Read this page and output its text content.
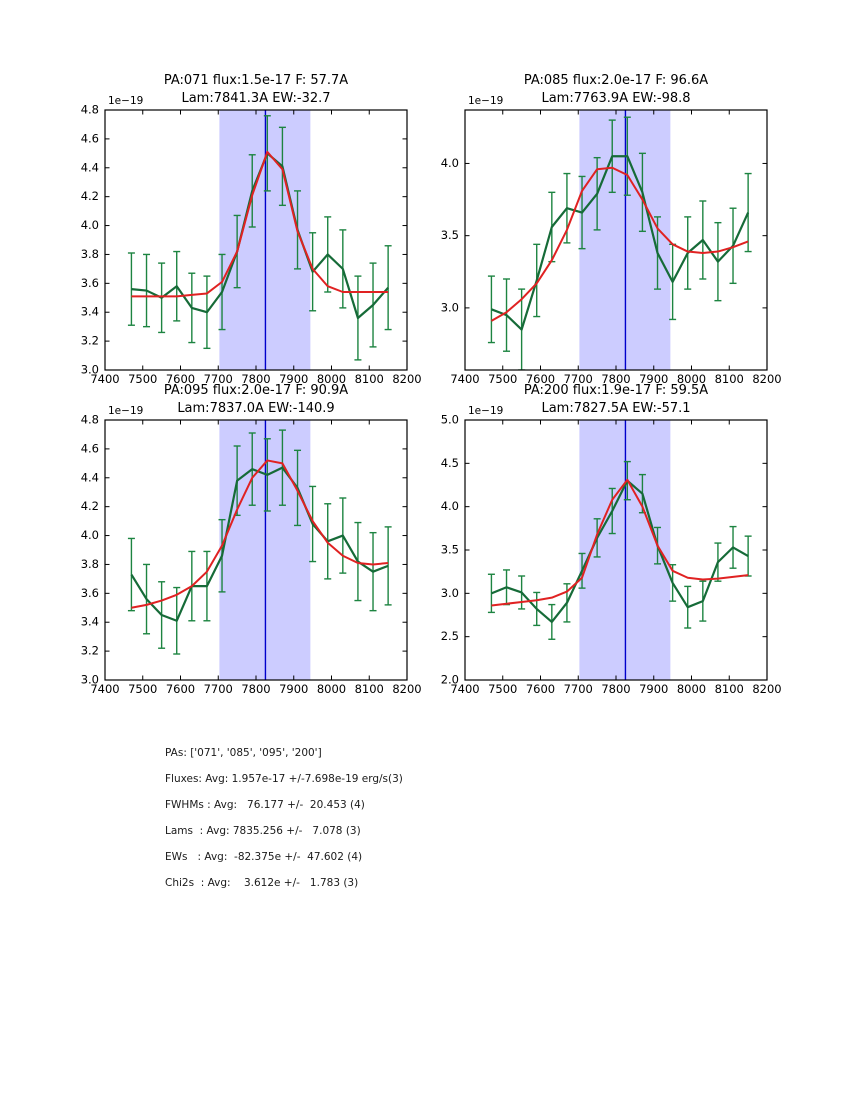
7400 7500 7600 7700 7800 7900 8000 8100 8200
3.0
3.2
3.4
3.6
3.8
4.0
4.2
4.4
4.6
4.8
7400 7500 7600 7700 7800 7900 8000 8100 8200
3.0
3.5
4.0
7400 7500 7600 7700 7800 7900 8000 8100 8200
3.0
3.2
3.4
3.6
3.8
4.0
4.2
4.4
4.6
4.8
7400 7500 7600 7700 7800 7900 8000 8100 8200
2.0
2.5
3.0
3.5
4.0
4.5
5.0
PA:071 flux:1.5e-17 F: 57.7A
Lam:7841.3A EW:-32.7
PA:085 flux:2.0e-17 F: 96.6A
Lam:7763.9A EW:-98.8
PA:095 flux:2.0e-17 F: 90.9A
Lam:7837.0A EW:-140.9
PA:200 flux:1.9e-17 F: 59.5A
Lam:7827.5A EW:-57.1
1e−19	1e−19
1e−19	1e−19
PAs: ['071', '085', '095', '200']
Fluxes: Avg: 1.957e-17 +/-7.698e-19 erg/s(3)
FWHMs : Avg:   76.177 +/-  20.453 (4)
Lams  : Avg: 7835.256 +/-   7.078 (3)
EWs   : Avg:  -82.375e +/-  47.602 (4)
Chi2s  : Avg:    3.612e +/-   1.783 (3)
